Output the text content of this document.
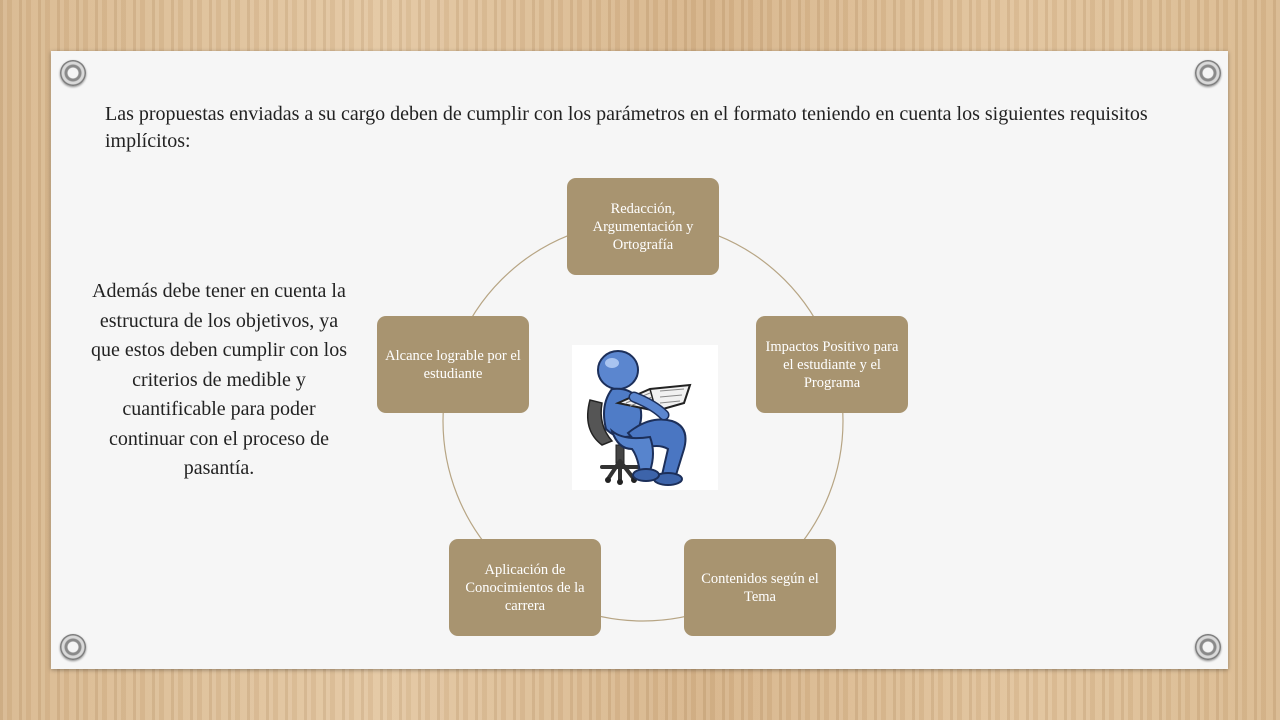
Las propuestas enviadas a su cargo deben de cumplir con los parámetros en el formato teniendo en cuenta los siguientes requisitos implícitos:
Además debe tener en cuenta la estructura de los objetivos, ya que estos deben cumplir con los criterios de medible y cuantificable para poder continuar con el proceso de pasantía.
Redacción, Argumentación y Ortografía
Impactos Positivo para el estudiante y el Programa
Contenidos según el Tema
Aplicación de Conocimientos de la carrera
Alcance lograble por el estudiante
